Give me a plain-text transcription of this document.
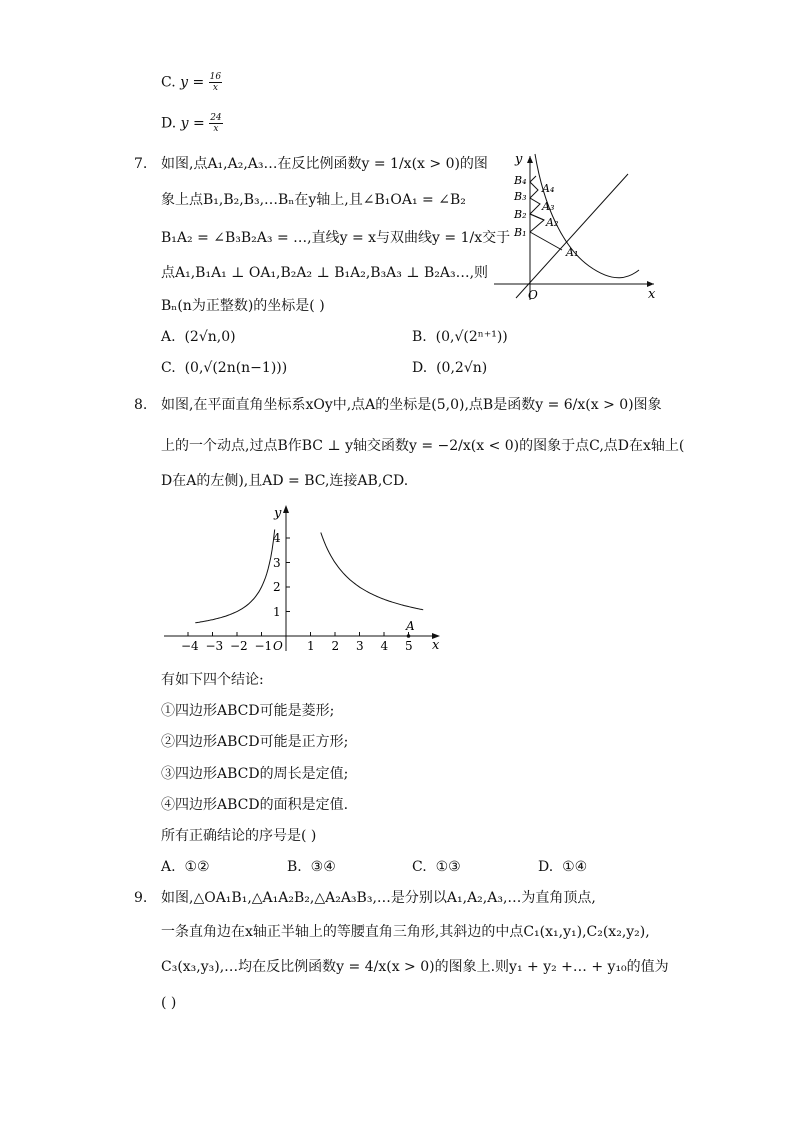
C. $y = \frac{16}{x}$
D. $y = \frac{24}{x}$
7. 如图,点A₁,A₂,A₃…在反比例函数y = 1/x(x > 0)的图
象上点B₁,B₂,B₃,…Bₙ在y轴上,且∠B₁OA₁ = ∠B₂
B₁A₂ = ∠B₃B₂A₃ = …,直线y = x与双曲线y = 1/x交于
点A₁,B₁A₁ ⊥ OA₁,B₂A₂ ⊥ B₁A₂,B₃A₃ ⊥ B₂A₃…,则
Bₙ(n为正整数)的坐标是( )
x
y
O
B₄
B₃
B₂
B₁
A₄
A₃
A₂
A₁
A. (2√n,0)	B. (0,√(2ⁿ⁺¹))
C. (0,√(2n(n−1)))	D. (0,2√n)
8. 如图,在平面直角坐标系xOy中,点A的坐标是(5,0),点B是函数y = 6/x(x > 0)图象
上的一个动点,过点B作BC ⊥ y轴交函数y = −2/x(x < 0)的图象于点C,点D在x轴上(
D在A的左侧),且AD = BC,连接AB,CD.
x
y
O
−4 −3 −2 −1	1 2 3 4 5
1
2
3
4
A
有如下四个结论:
①四边形ABCD可能是菱形;
②四边形ABCD可能是正方形;
③四边形ABCD的周长是定值;
④四边形ABCD的面积是定值.
所有正确结论的序号是( )
A. ①②	B. ③④	C. ①③	D. ①④
9. 如图,△OA₁B₁,△A₁A₂B₂,△A₂A₃B₃,…是分别以A₁,A₂,A₃,…为直角顶点,
一条直角边在x轴正半轴上的等腰直角三角形,其斜边的中点C₁(x₁,y₁),C₂(x₂,y₂),
C₃(x₃,y₃),…均在反比例函数y = 4/x(x > 0)的图象上.则y₁ + y₂ +… + y₁₀的值为
( )
